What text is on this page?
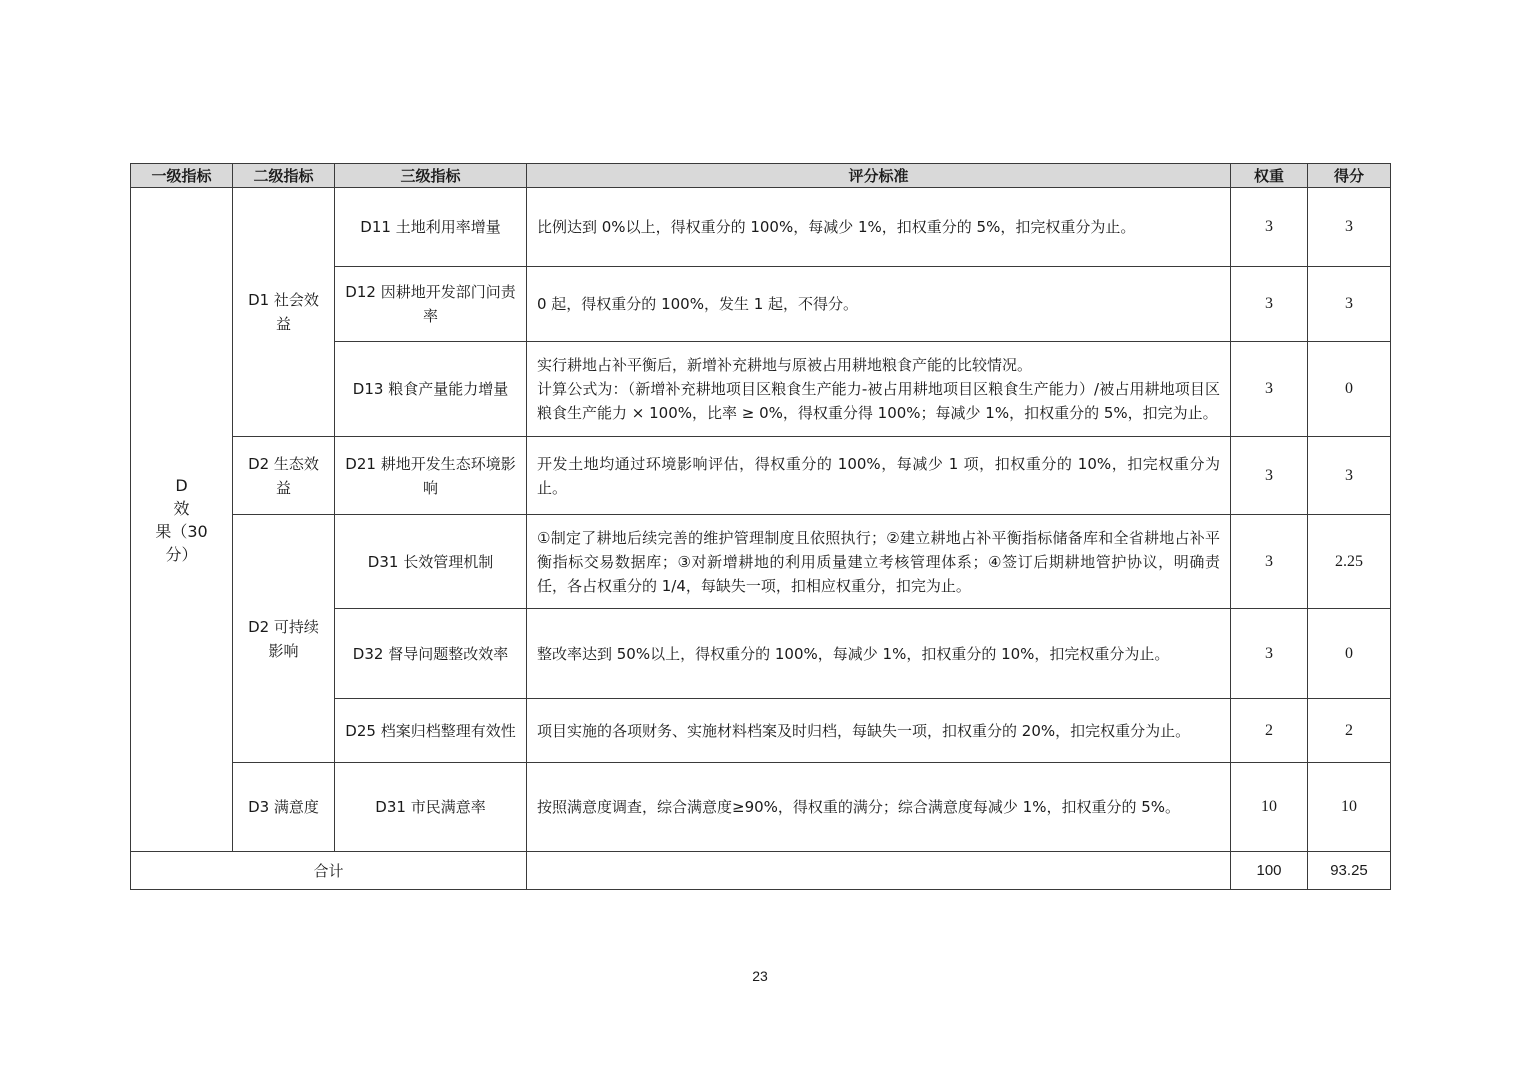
一级指标	二级指标	三级指标	评分标准	权重	得分

D
效
果（30
分）	D1 社会效益	D11 土地利用率增量	比例达到 0%以上，得权重分的 100%，每减少 1%，扣权重分的 5%，扣完权重分为止。	3	3
		D12 因耕地开发部门问责率	0 起，得权重分的 100%，发生 1 起，不得分。	3	3
		D13 粮食产量能力增量	实行耕地占补平衡后，新增补充耕地与原被占用耕地粮食产能的比较情况。
计算公式为：（新增补充耕地项目区粮食生产能力-被占用耕地项目区粮食生产能力）/被占用耕地项目区粮食生产能力 × 100%，比率 ≥ 0%，得权重分得 100%；每减少 1%，扣权重分的 5%，扣完为止。	3	0
	D2 生态效益	D21 耕地开发生态环境影响	开发土地均通过环境影响评估，得权重分的 100%，每减少 1 项，扣权重分的 10%，扣完权重分为止。	3	3
	D2 可持续影响	D31 长效管理机制	①制定了耕地后续完善的维护管理制度且依照执行；②建立耕地占补平衡指标储备库和全省耕地占补平衡指标交易数据库；③对新增耕地的利用质量建立考核管理体系；④签订后期耕地管护协议，明确责任，各占权重分的 1/4，每缺失一项，扣相应权重分，扣完为止。	3	2.25
		D32 督导问题整改效率	整改率达到 50%以上，得权重分的 100%，每减少 1%，扣权重分的 10%，扣完权重分为止。	3	0
		D25 档案归档整理有效性	项目实施的各项财务、实施材料档案及时归档，每缺失一项，扣权重分的 20%，扣完权重分为止。	2	2
	D3 满意度	D31 市民满意率	按照满意度调查，综合满意度≥90%，得权重的满分；综合满意度每减少 1%，扣权重分的 5%。	10	10
合计				100	93.25
23
